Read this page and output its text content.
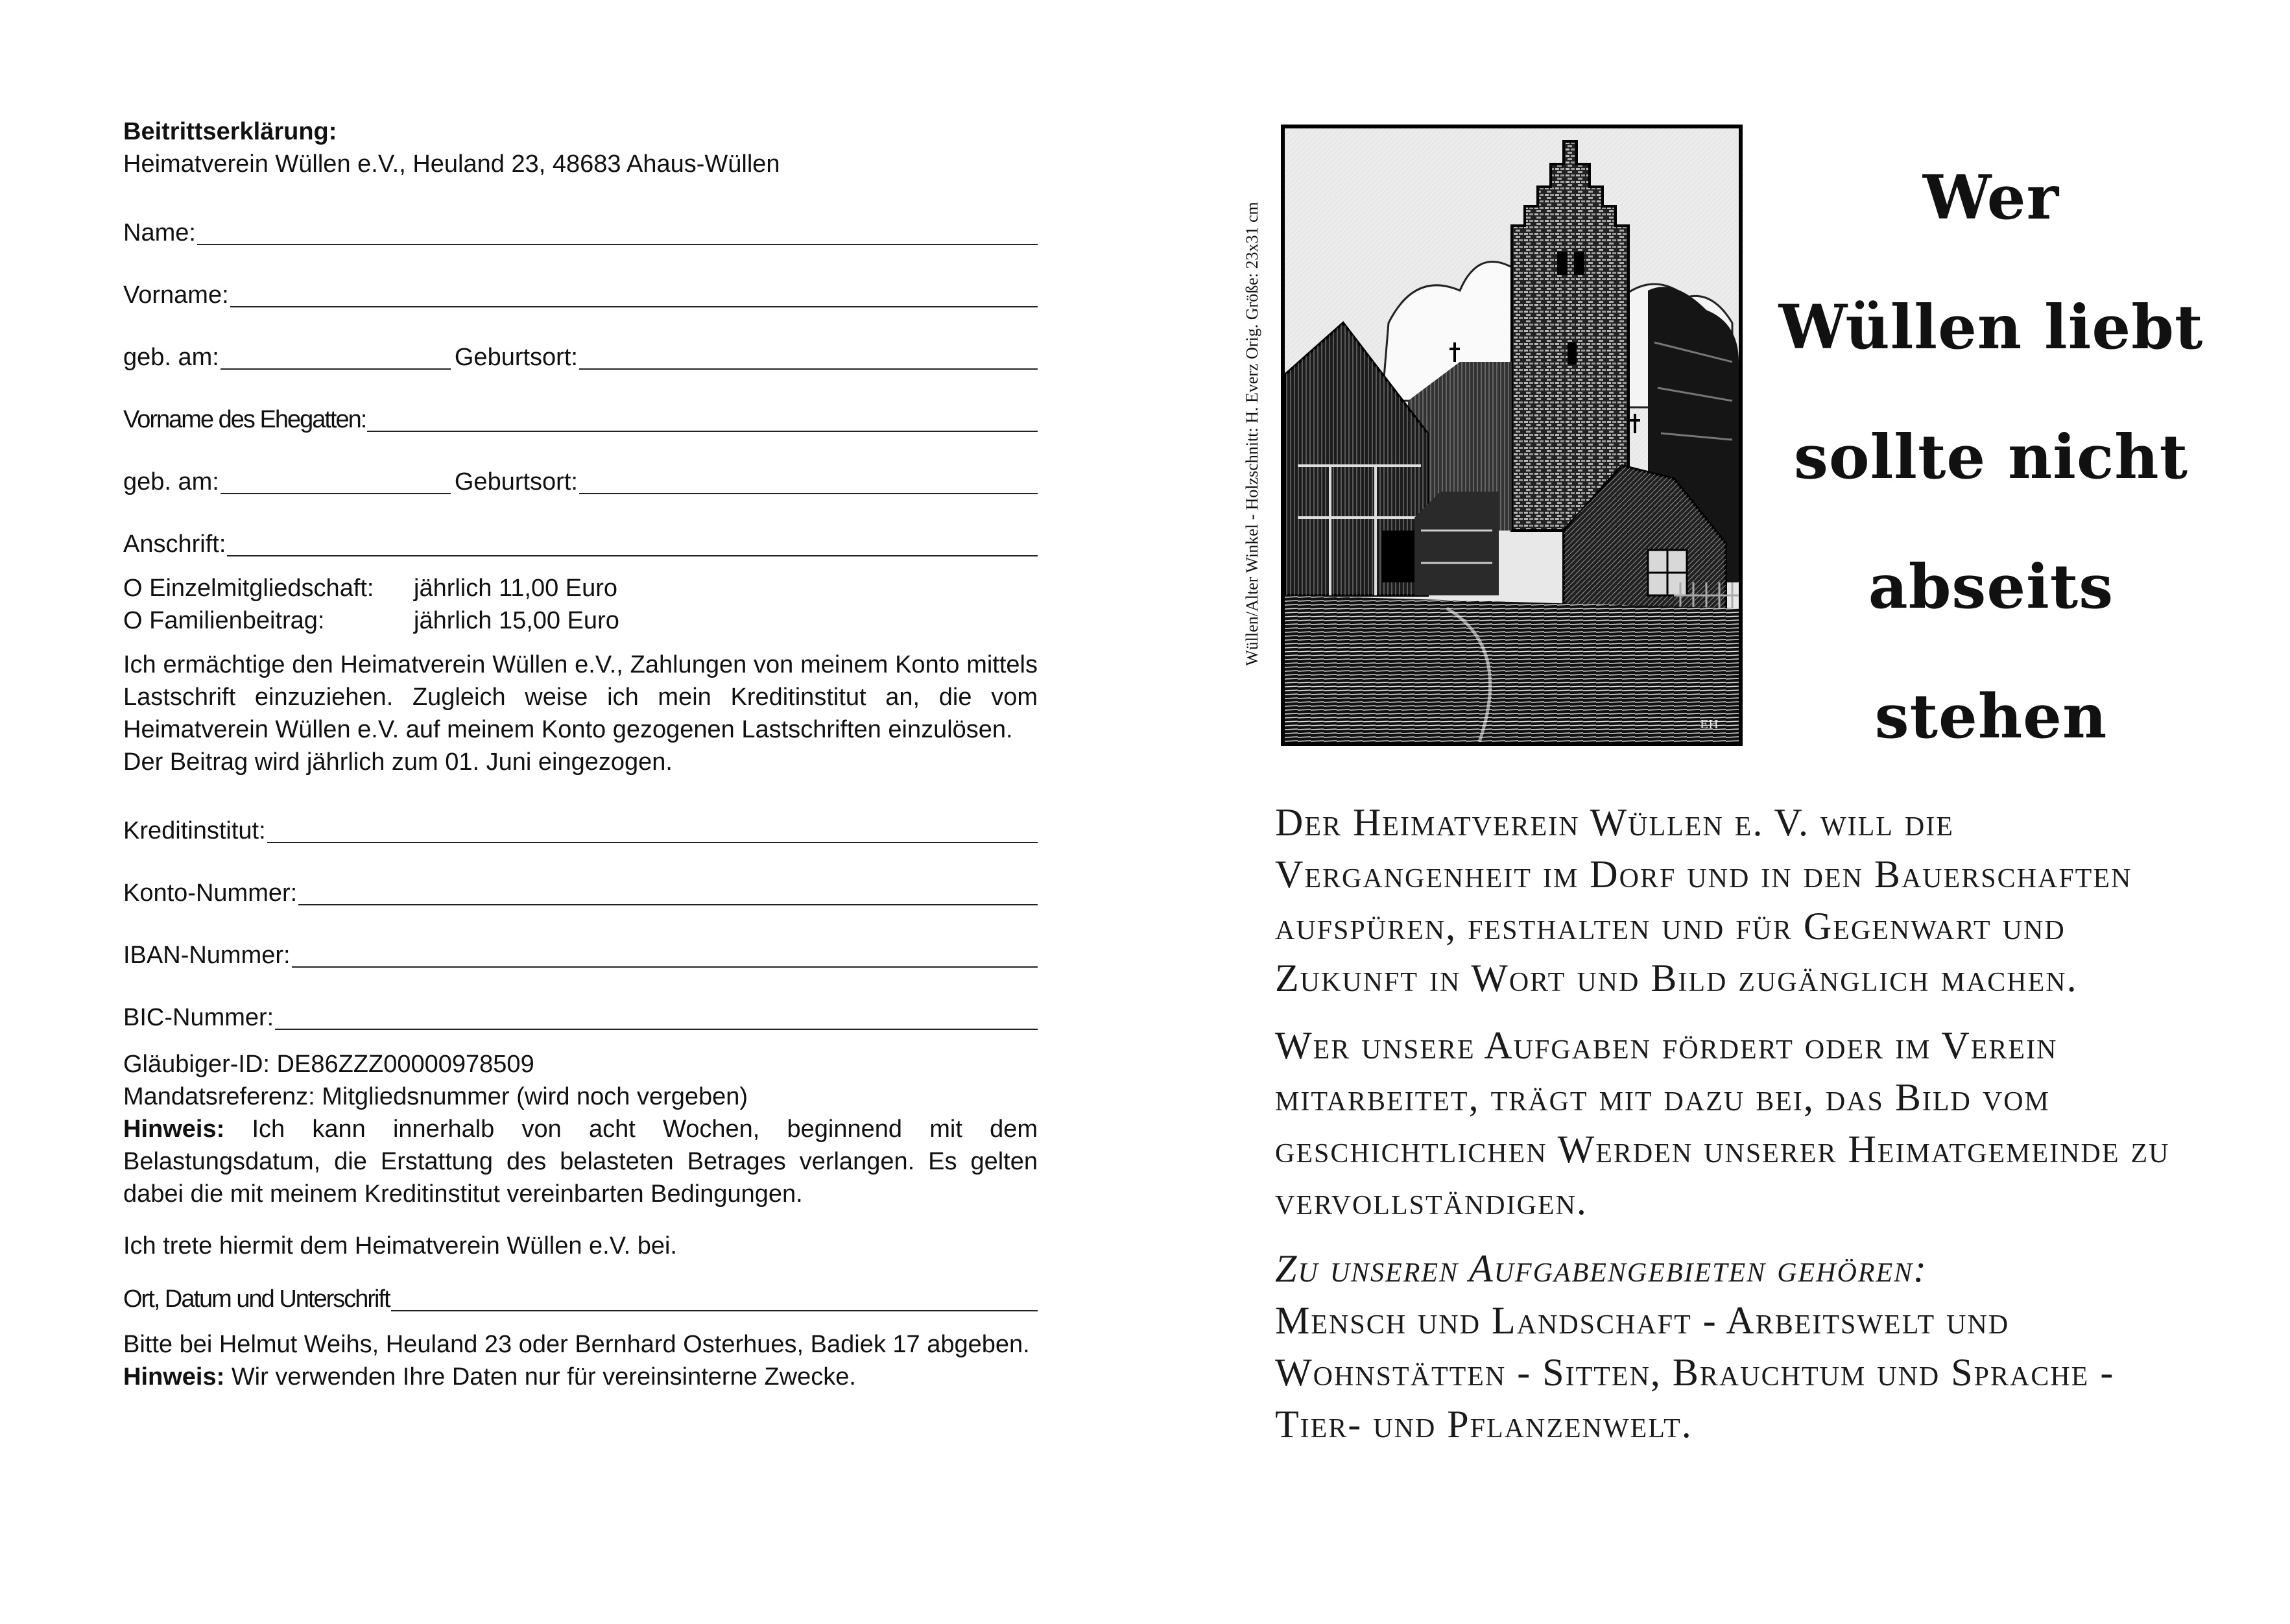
Beitrittserklärung:
Heimatverein Wüllen e.V., Heuland 23, 48683 Ahaus-Wüllen
Name:
Vorname:
geb. am:	Geburtsort:
Vorname des Ehegatten:
geb. am:	Geburtsort:
Anschrift:
O Einzelmitgliedschaft:	jährlich 11,00 Euro
O Familienbeitrag:	jährlich 15,00 Euro

Ich ermächtige den Heimatverein Wüllen e.V., Zahlungen von meinem Konto mittels Lastschrift einzuziehen. Zugleich weise ich mein Kreditinstitut an, die vom Heimatverein Wüllen e.V. auf meinem Konto gezogenen Lastschriften einzulösen.

Der Beitrag wird jährlich zum 01. Juni eingezogen.

Kreditinstitut:
Konto-Nummer:
IBAN-Nummer:
BIC-Nummer:

Gläubiger-ID: DE86ZZZ00000978509

Mandatsreferenz: Mitgliedsnummer (wird noch vergeben)

Hinweis: Ich kann innerhalb von acht Wochen, beginnend mit dem Belastungsdatum, die Erstattung des belasteten Betrages verlangen. Es gelten dabei die mit meinem Kreditinstitut vereinbarten Bedingungen.

Ich trete hiermit dem Heimatverein Wüllen e.V. bei.

Ort, Datum und Unterschrift

Bitte bei Helmut Weihs, Heuland 23 oder Bernhard Osterhues, Badiek 17 abgeben.

Hinweis: Wir verwenden Ihre Daten nur für vereinsinterne Zwecke.

Wüllen/Alter Winkel - Holzschnitt: H. Everz Orig. Größe: 23x31 cm
EH
Wer
Wüllen liebt
sollte nicht
abseits
stehen

Der Heimatverein Wüllen e. V. will die Vergangenheit im Dorf und in den Bauerschaften aufspüren, festhalten und für Gegenwart und Zukunft in Wort und Bild zugänglich machen.

Wer unsere Aufgaben fördert oder im Verein mitarbeitet, trägt mit dazu bei, das Bild vom geschichtlichen Werden unserer Heimatgemeinde zu vervollständigen.

Zu unseren Aufgabengebieten gehören:
Mensch und Landschaft - Arbeitswelt und Wohnstätten - Sitten, Brauchtum und Sprache - Tier- und Pflanzenwelt.
